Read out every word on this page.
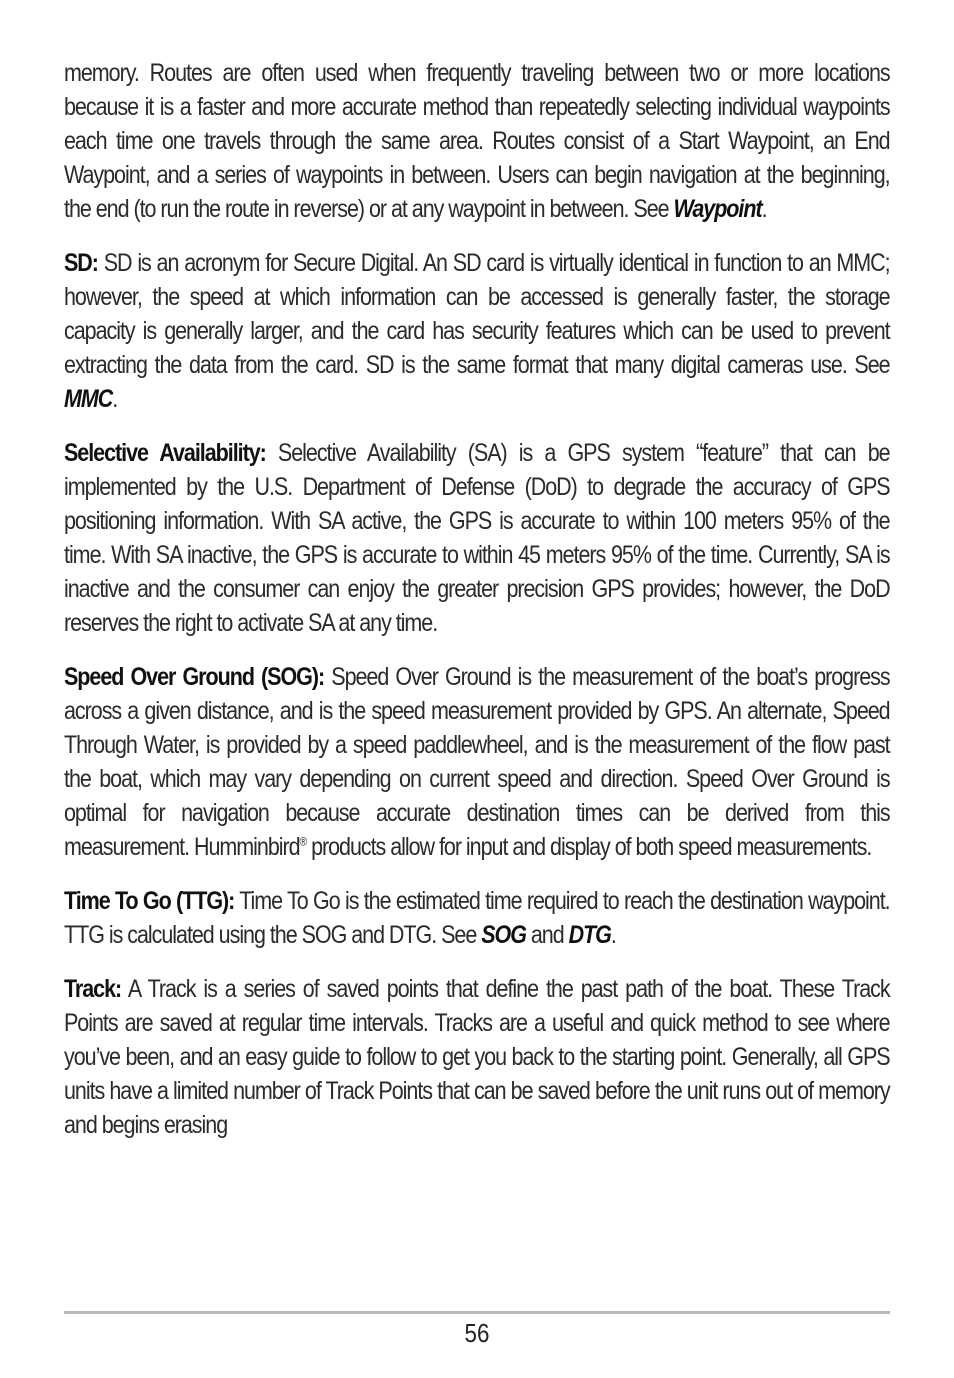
memory. Routes are often used when frequently traveling between two or more locations because it is a faster and more accurate method than repeatedly selecting individual waypoints each time one travels through the same area. Routes consist of a Start Waypoint, an End Waypoint, and a series of waypoints in between. Users can begin navigation at the beginning, the end (to run the route in reverse) or at any waypoint in between. See Waypoint.

SD: SD is an acronym for Secure Digital. An SD card is virtually identical in function to an MMC; however, the speed at which information can be accessed is generally faster, the storage capacity is generally larger, and the card has security features which can be used to prevent extracting the data from the card. SD is the same format that many digital cameras use. See MMC.

Selective Availability: Selective Availability (SA) is a GPS system “feature” that can be implemented by the U.S. Department of Defense (DoD) to degrade the accuracy of GPS positioning information. With SA active, the GPS is accurate to within 100 meters 95% of the time. With SA inactive, the GPS is accurate to within 45 meters 95% of the time. Currently, SA is inactive and the consumer can enjoy the greater precision GPS provides; however, the DoD reserves the right to activate SA at any time.

Speed Over Ground (SOG): Speed Over Ground is the measurement of the boat’s progress across a given distance, and is the speed measurement provided by GPS. An alternate, Speed Through Water, is provided by a speed paddlewheel, and is the measurement of the flow past the boat, which may vary depending on current speed and direction. Speed Over Ground is optimal for navigation because accurate destination times can be derived from this measurement. Humminbird® products allow for input and display of both speed measurements.

Time To Go (TTG): Time To Go is the estimated time required to reach the destination waypoint. TTG is calculated using the SOG and DTG. See SOG and DTG.

Track: A Track is a series of saved points that define the past path of the boat. These Track Points are saved at regular time intervals. Tracks are a useful and quick method to see where you’ve been, and an easy guide to follow to get you back to the starting point. Generally, all GPS units have a limited number of Track Points that can be saved before the unit runs out of memory and begins erasing

56
